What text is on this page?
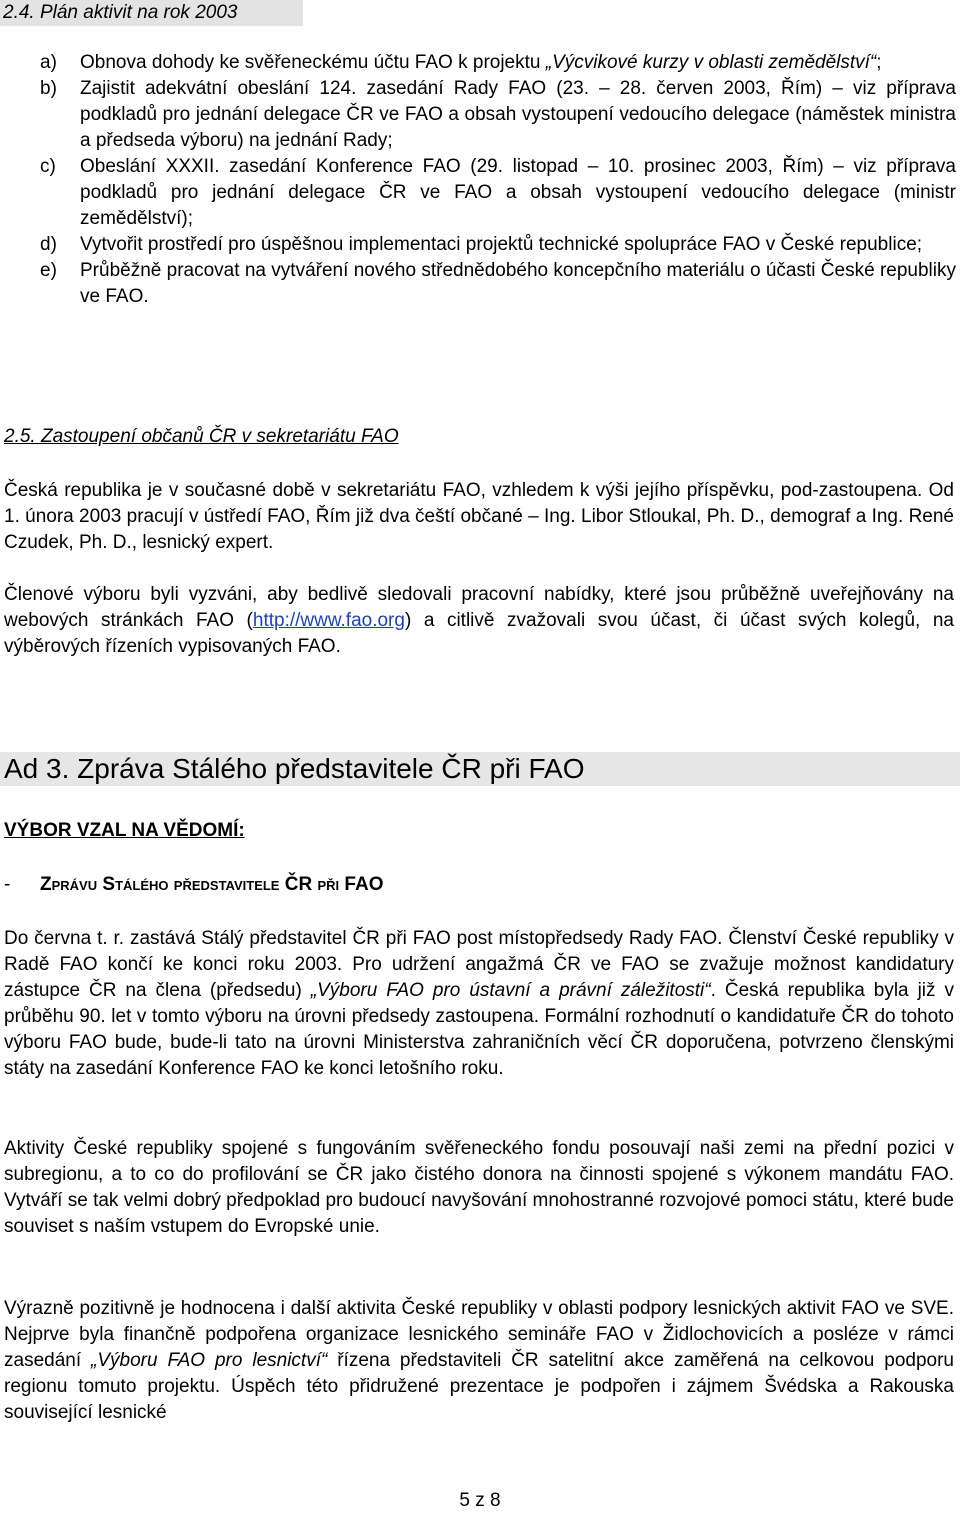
2.4. Plán aktivit na rok 2003
a) Obnova dohody ke svěřeneckému účtu FAO k projektu „Výcvikové kurzy v oblasti zemědělství“;
b) Zajistit adekvátní obeslání 124. zasedání Rady FAO (23. – 28. červen 2003, Řím) – viz příprava podkladů pro jednání delegace ČR ve FAO a obsah vystoupení vedoucího delegace (náměstek ministra a předseda výboru) na jednání Rady;
c) Obeslání XXXII. zasedání Konference FAO (29. listopad – 10. prosinec 2003, Řím) – viz příprava podkladů pro jednání delegace ČR ve FAO a obsah vystoupení vedoucího delegace (ministr zemědělství);
d) Vytvořit prostředí pro úspěšnou implementaci projektů technické spolupráce FAO v České republice;
e) Průběžně pracovat na vytváření nového střednědobého koncepčního materiálu o účasti České republiky ve FAO.
2.5. Zastoupení občanů ČR v sekretariátu FAO
Česká republika je v současné době v sekretariátu FAO, vzhledem k výši jejího příspěvku, pod-zastoupena. Od 1. února 2003 pracují v ústředí FAO, Řím již dva čeští občané – Ing. Libor Stloukal, Ph. D., demograf a Ing. René Czudek, Ph. D., lesnický expert.
Členové výboru byli vyzváni, aby bedlivě sledovali pracovní nabídky, které jsou průběžně uveřejňovány na webových stránkách FAO (http://www.fao.org) a citlivě zvažovali svou účast, či účast svých kolegů, na výběrových řízeních vypisovaných FAO.
Ad 3. Zpráva Stálého představitele ČR při FAO
VÝBOR VZAL NA VĚDOMÍ:
- Zprávu Stálého představitele ČR při FAO
Do června t. r. zastává Stálý představitel ČR při FAO post místopředsedy Rady FAO. Členství České republiky v Radě FAO končí ke konci roku 2003. Pro udržení angažmá ČR ve FAO se zvažuje možnost kandidatury zástupce ČR na člena (předsedu) „Výboru FAO pro ústavní a právní záležitosti“. Česká republika byla již v průběhu 90. let v tomto výboru na úrovni předsedy zastoupena. Formální rozhodnutí o kandidatuře ČR do tohoto výboru FAO bude, bude-li tato na úrovni Ministerstva zahraničních věcí ČR doporučena, potvrzeno členskými státy na zasedání Konference FAO ke konci letošního roku.
Aktivity České republiky spojené s fungováním svěřeneckého fondu posouvají naši zemi na přední pozici v subregionu, a to co do profilování se ČR jako čistého donora na činnosti spojené s výkonem mandátu FAO. Vytváří se tak velmi dobrý předpoklad pro budoucí navyšování mnohostranné rozvojové pomoci státu, které bude souviset s naším vstupem do Evropské unie.
Výrazně pozitivně je hodnocena i další aktivita České republiky v oblasti podpory lesnických aktivit FAO ve SVE. Nejprve byla finančně podpořena organizace lesnického semináře FAO v Židlochovicích a posléze v rámci zasedání „Výboru FAO pro lesnictví“ řízena představiteli ČR satelitní akce zaměřená na celkovou podporu regionu tomuto projektu. Úspěch této přidružené prezentace je podpořen i zájmem Švédska a Rakouska související lesnické
5 z 8
